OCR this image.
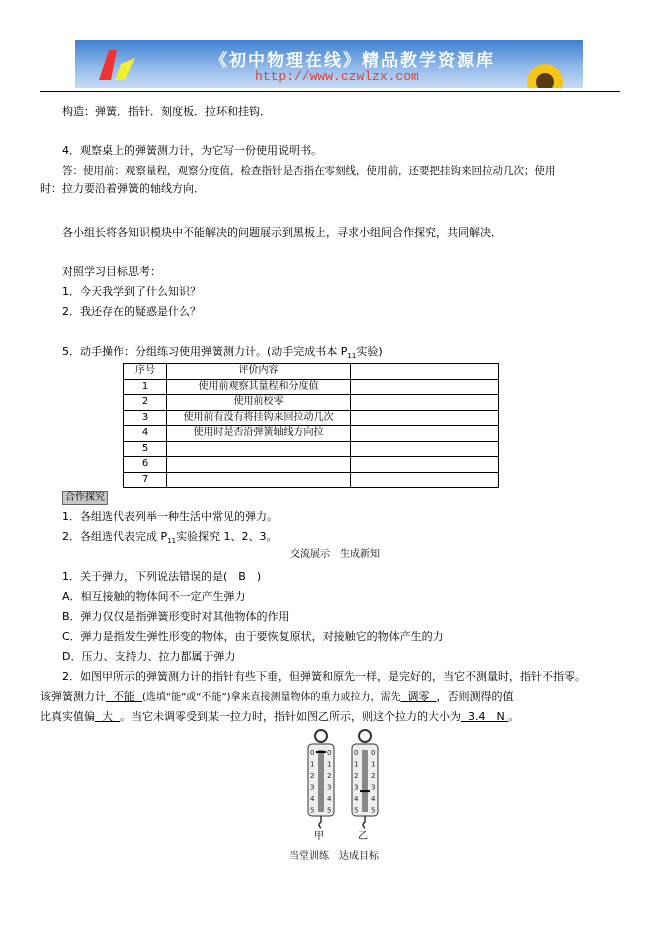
《初中物理在线》精品教学资源库
http://www.czwlzx.com
构造：弹簧．指针．刻度板．拉环和挂钩．
4．观察桌上的弹簧测力计，为它写一份使用说明书。
答：使用前：观察量程，观察分度值，检查指针是否指在零刻线，使用前，还要把挂钩来回拉动几次；使用
时：拉力要沿着弹簧的轴线方向．
各小组长将各知识模块中不能解决的问题展示到黑板上，寻求小组间合作探究，共同解决．
对照学习目标思考：
1．今天我学到了什么知识？
2．我还存在的疑惑是什么？
5．动手操作：分组练习使用弹簧测力计。(动手完成书本 $P_{11}$实验)
序号	评价内容	
1	使用前观察其量程和分度值	
2	使用前校零	
3	使用前有没有将挂钩来回拉动几次	
4	使用时是否沿弹簧轴线方向拉	
5		
6		
7		
合作探究
1．各组选代表列举一种生活中常见的弹力。
2．各组选代表完成 $P_{11}$实验探究 1、2、3。
交流展示　生成新知
1．关于弹力，下列说法错误的是(　B　)
A．相互接触的物体间不一定产生弹力
B．弹力仅仅是指弹簧形变时对其他物体的作用
C．弹力是指发生弹性形变的物体，由于要恢复原状，对接触它的物体产生的力
D．压力、支持力、拉力都属于弹力
2．如图甲所示的弹簧测力计的指针有些下垂，但弹簧和原先一样，是完好的，当它不测量时，指针不指零。
该弹簧测力计 不能 (选填“能”或“不能”)拿来直接测量物体的重力或拉力，需先 调零 ，否则测得的值
比真实值偏 大 。当它未调零受到某一拉力时，指针如图乙所示，则这个拉力的大小为 3.4　N 。
0 0
1 1
2 2
3 3
4 4
5 5
0 0
1 1
2 2
3 3
4 4
5 5
甲	乙
当堂训练　达成目标
